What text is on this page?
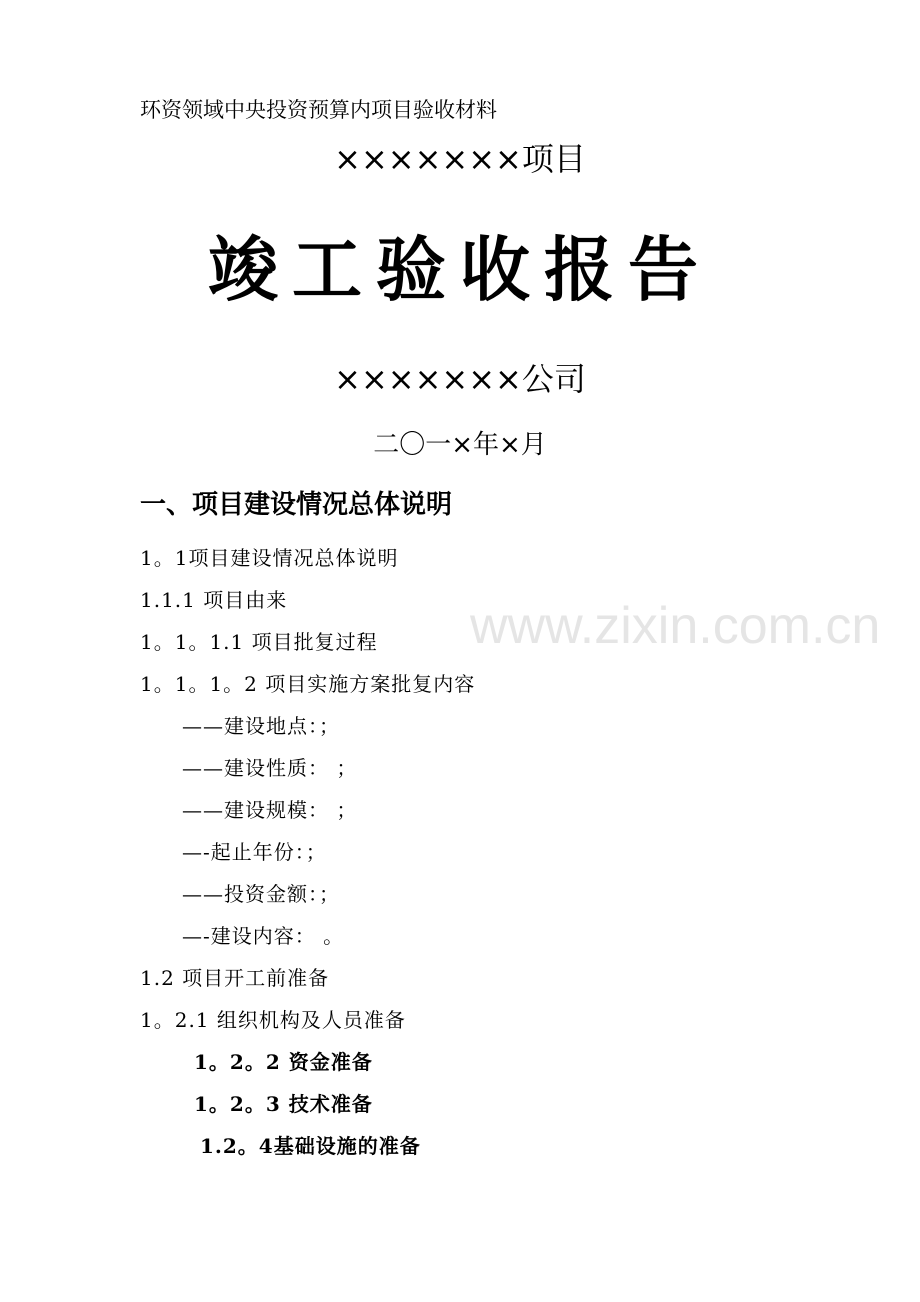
环资领域中央投资预算内项目验收材料
×××××××项目
竣工验收报告
×××××××公司
二〇一×年×月
一、项目建设情况总体说明
1。1项目建设情况总体说明
1.1.1 项目由来
1。1。1.1 项目批复过程
1。1。1。2 项目实施方案批复内容
——建设地点：；
——建设性质： ；
——建设规模： ；
—-起止年份：；
——投资金额：；
—-建设内容： 。
1.2 项目开工前准备
1。2.1 组织机构及人员准备
1。2。2 资金准备
1。2。3 技术准备
1.2。4基础设施的准备
www.zixin.com.cn
